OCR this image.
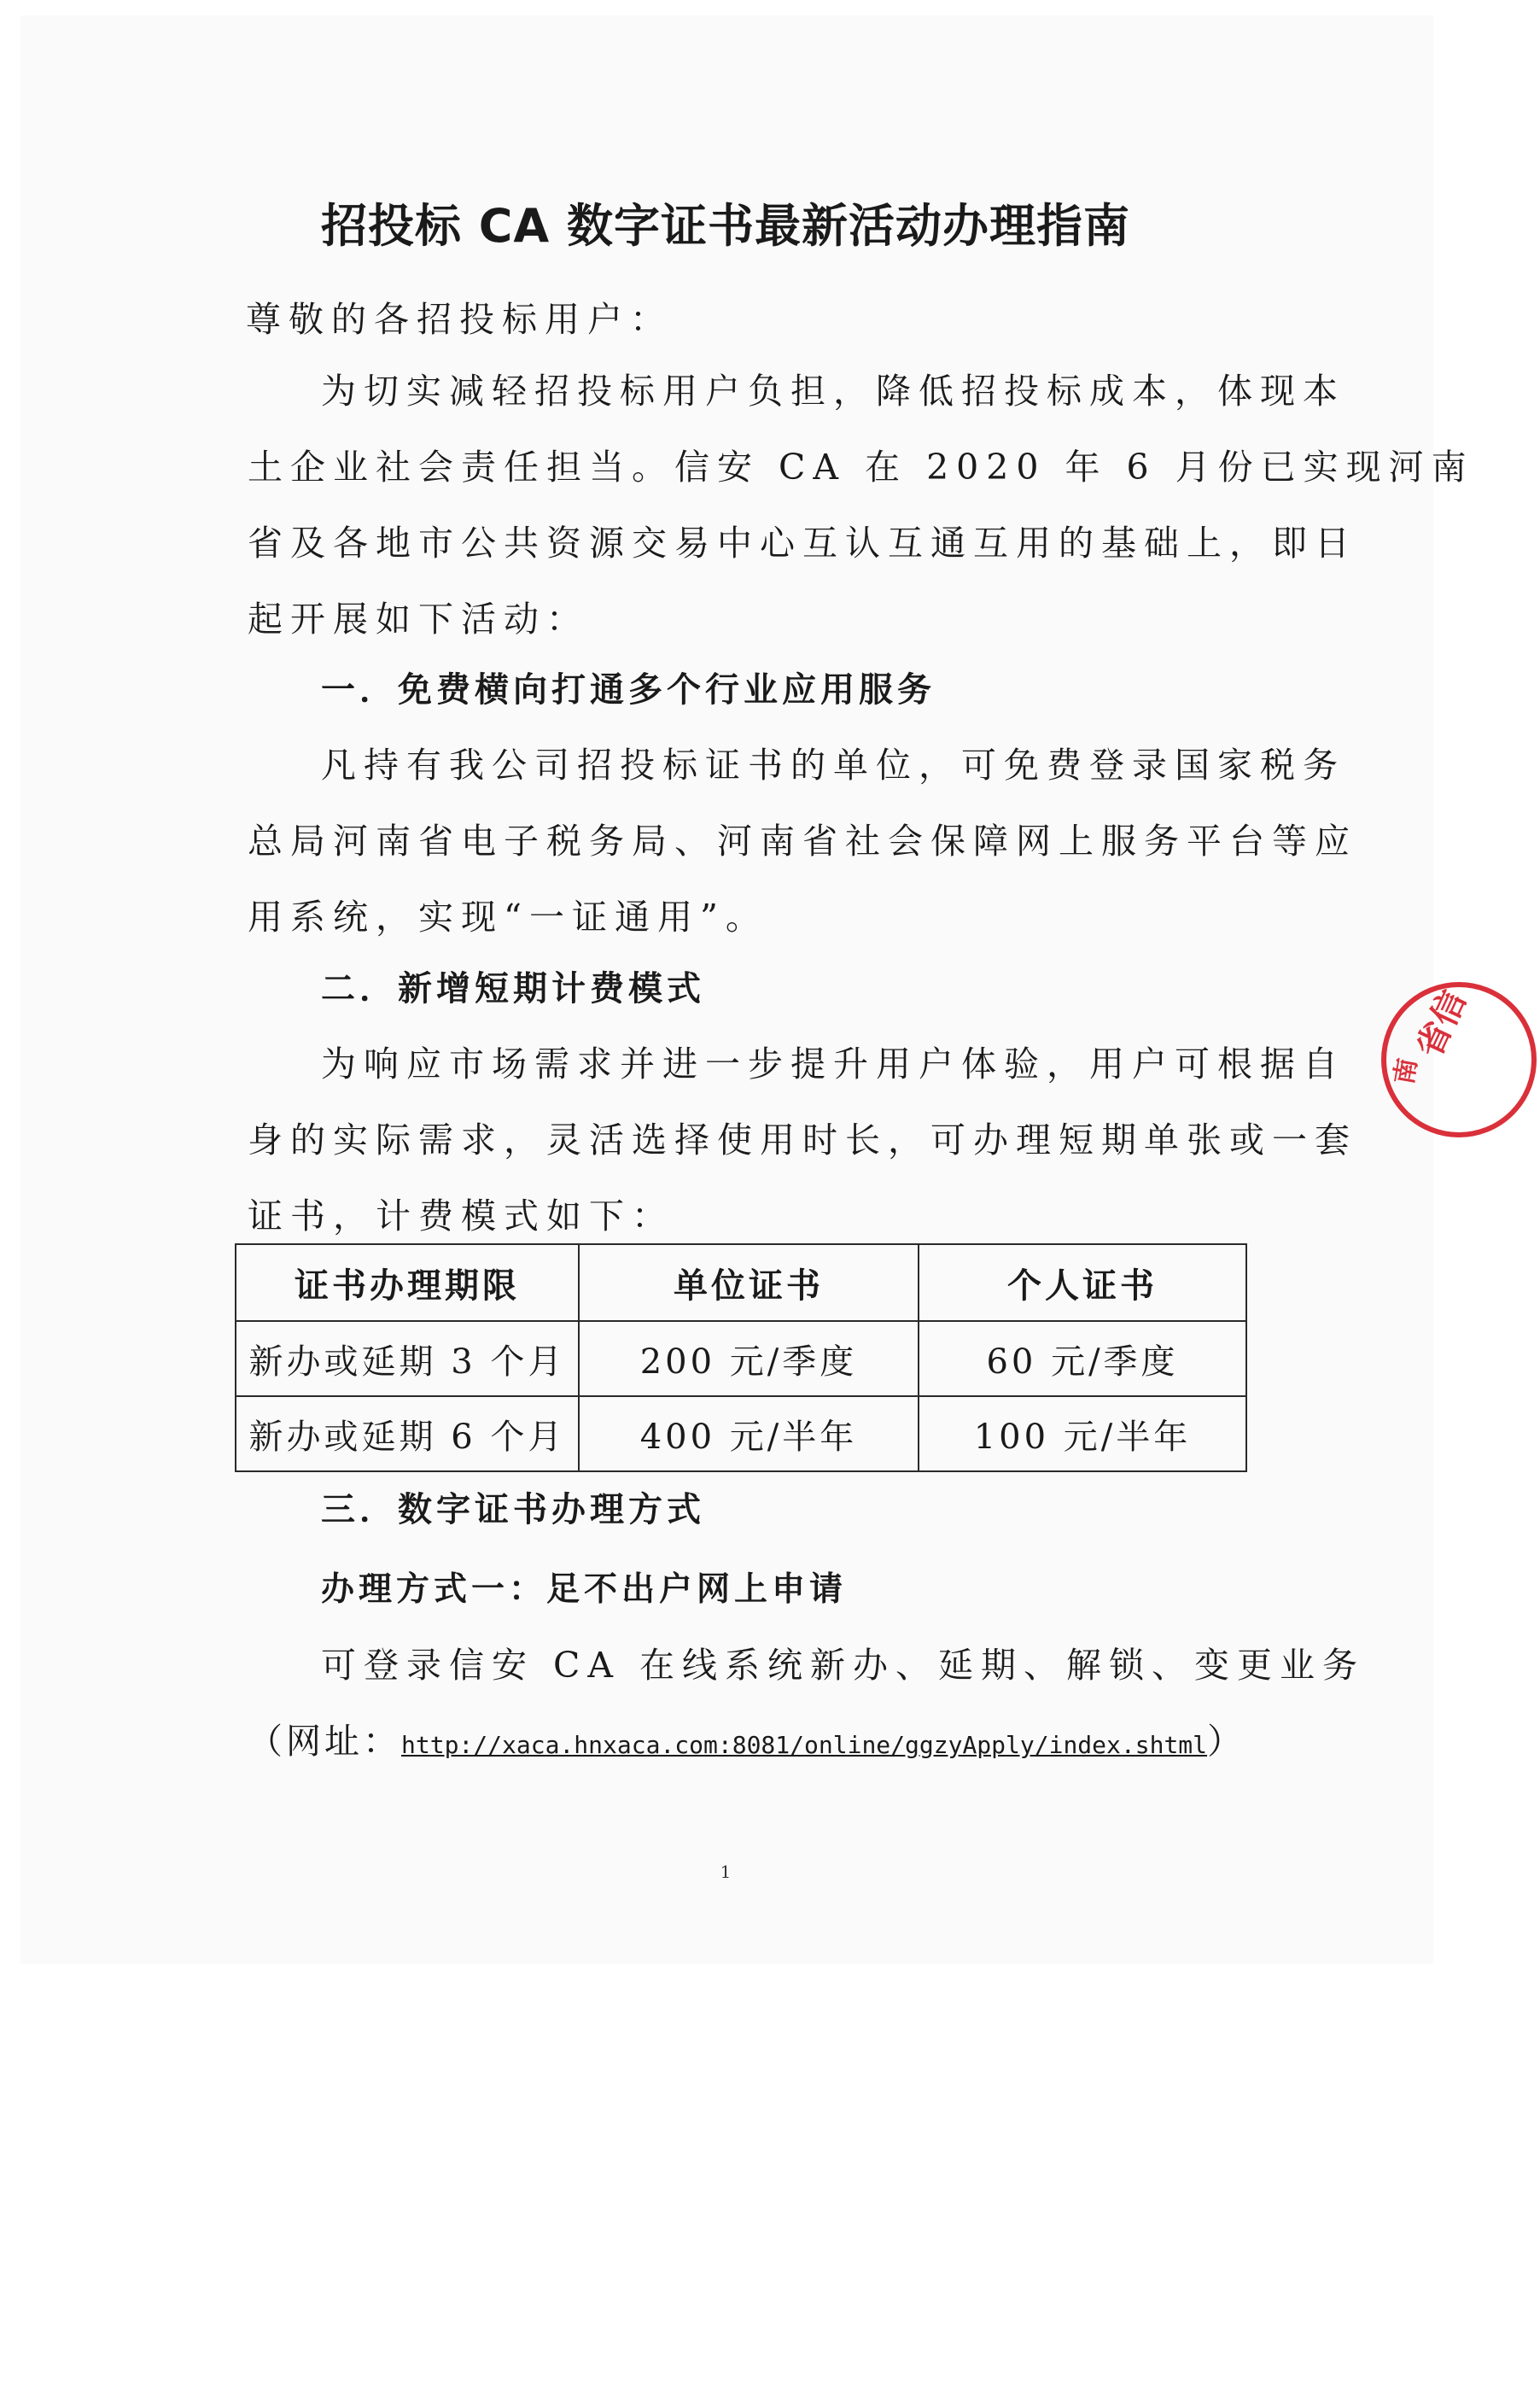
招投标 CA 数字证书最新活动办理指南

尊敬的各招投标用户：

为切实减轻招投标用户负担，降低招投标成本，体现本
土企业社会责任担当。信安 CA 在 2020 年 6 月份已实现河南
省及各地市公共资源交易中心互认互通互用的基础上，即日
起开展如下活动：

一．免费横向打通多个行业应用服务

凡持有我公司招投标证书的单位，可免费登录国家税务
总局河南省电子税务局、河南省社会保障网上服务平台等应
用系统，实现“一证通用”。

二．新增短期计费模式

为响应市场需求并进一步提升用户体验，用户可根据自
身的实际需求，灵活选择使用时长，可办理短期单张或一套
证书，计费模式如下：

证书办理期限	单位证书	个人证书
新办或延期 3 个月	200 元/季度	60 元/季度
新办或延期 6 个月	400 元/半年	100 元/半年
三．数字证书办理方式
办理方式一：足不出户网上申请

可登录信安 CA 在线系统新办、延期、解锁、变更业务
（网址：http://xaca.hnxaca.com:8081/online/ggzyApply/index.shtml）

1
省信
南
